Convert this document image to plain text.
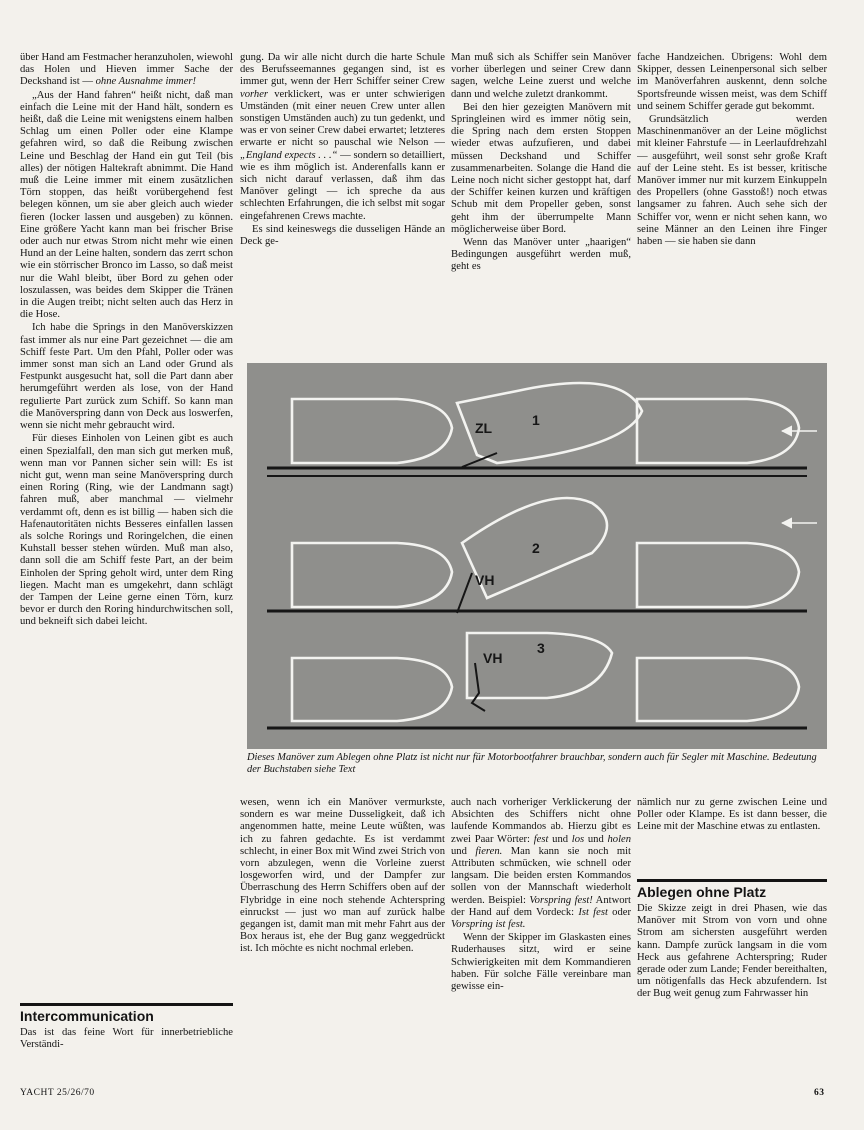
über Hand am Festmacher heranzuholen, wiewohl das Holen und Hieven immer Sache der Deckshand ist — ohne Ausnahme immer!

„Aus der Hand fahren“ heißt nicht, daß man einfach die Leine mit der Hand hält, sondern es heißt, daß die Leine mit wenigstens einem halben Schlag um einen Poller oder eine Klampe gefahren wird, so daß die Reibung zwischen Leine und Beschlag der Hand ein gut Teil (bis alles) der nötigen Haltekraft abnimmt. Die Hand muß die Leine immer mit einem zusätzlichen Törn stoppen, das heißt vorübergehend fest belegen können, um sie aber gleich auch wieder fieren (locker lassen und ausgeben) zu können. Eine größere Yacht kann man bei frischer Brise oder auch nur etwas Strom nicht mehr wie einen Hund an der Leine halten, sondern das zerrt schon wie ein störrischer Bronco im Lasso, so daß meist nur die Wahl bleibt, über Bord zu gehen oder loszulassen, was beides dem Skipper die Tränen in die Augen treibt; nicht selten auch das Herz in die Hose.

Ich habe die Springs in den Manöverskizzen fast immer als nur eine Part gezeichnet — die am Schiff feste Part. Um den Pfahl, Poller oder was immer sonst man sich an Land oder Grund als Festpunkt ausgesucht hat, soll die Part dann aber herumgeführt werden als lose, von der Hand regulierte Part zurück zum Schiff. So kann man die Manöverspring dann von Deck aus loswerfen, wenn sie nicht mehr gebraucht wird.

Für dieses Einholen von Leinen gibt es auch einen Spezialfall, den man sich gut merken muß, wenn man vor Pannen sicher sein will: Es ist nicht gut, wenn man seine Manöverspring durch einen Roring (Ring, wie der Landmann sagt) fahren muß, aber manchmal — vielmehr verdammt oft, denn es ist billig — haben sich die Hafenautoritäten nichts Besseres einfallen lassen als solche Rorings und Roringelchen, die einen Kuhstall besser stehen würden. Muß man also, dann soll die am Schiff feste Part, an der beim Einholen der Spring geholt wird, unter dem Ring liegen. Macht man es umgekehrt, dann schlägt der Tampen der Leine gerne einen Törn, kurz bevor er durch den Roring hindurchwitschen soll, und bekneift sich dabei leicht.

Intercommunication

Das ist das feine Wort für innerbetriebliche Verständi-

gung. Da wir alle nicht durch die harte Schule des Berufsseemannes gegangen sind, ist es immer gut, wenn der Herr Schiffer seiner Crew vorher verklickert, was er unter schwierigen Umständen (mit einer neuen Crew unter allen sonstigen Umständen auch) zu tun gedenkt, und was er von seiner Crew dabei erwartet; letzteres erwarte er nicht so pauschal wie Nelson — „England expects . . .“ — sondern so detailliert, wie es ihm möglich ist. Anderenfalls kann er sich nicht darauf verlassen, daß ihm das Manöver gelingt — ich spreche da aus schlechten Erfahrungen, die ich selbst mit sogar eingefahrenen Crews machte.

Es sind keineswegs die dusseligen Hände an Deck ge-

Man muß sich als Schiffer sein Manöver vorher überlegen und seiner Crew dann sagen, welche Leine zuerst und welche dann und welche zuletzt drankommt.

Bei den hier gezeigten Manövern mit Springleinen wird es immer nötig sein, die Spring nach dem ersten Stoppen wieder etwas aufzufieren, und dabei müssen Deckshand und Schiffer zusammenarbeiten. Solange die Hand die Leine noch nicht sicher gestoppt hat, darf der Schiffer keinen kurzen und kräftigen Schub mit dem Propeller geben, sonst geht ihm der überrumpelte Mann möglicherweise über Bord.

Wenn das Manöver unter „haarigen“ Bedingungen ausgeführt werden muß, geht es

fache Handzeichen. Übrigens: Wohl dem Skipper, dessen Leinenpersonal sich selber im Manöverfahren auskennt, denn solche Sportsfreunde wissen meist, was dem Schiff und seinem Schiffer gerade gut bekommt.

Grundsätzlich werden Maschinenmanöver an der Leine möglichst mit kleiner Fahrstufe — in Leerlaufdrehzahl — ausgeführt, weil sonst sehr große Kraft auf der Leine steht. Es ist besser, kritische Manöver immer nur mit kurzem Einkuppeln des Propellers (ohne Gasstoß!) noch etwas langsamer zu fahren. Auch sehe sich der Schiffer vor, wenn er nicht sehen kann, wo seine Männer an den Leinen ihre Finger haben — sie haben sie dann

ZL	1
2
VH
VH
3
Dieses Manöver zum Ablegen ohne Platz ist nicht nur für Motorbootfahrer brauchbar, sondern auch für Segler mit Maschine. Bedeutung der Buchstaben siehe Text

wesen, wenn ich ein Manöver vermurkste, sondern es war meine Dusseligkeit, daß ich angenommen hatte, meine Leute wüßten, was ich zu fahren gedachte. Es ist verdammt schlecht, in einer Box mit Wind zwei Strich von vorn abzulegen, wenn die Vorleine zuerst losgeworfen wird, und der Dampfer zur Überraschung des Herrn Schiffers oben auf der Flybridge in eine noch stehende Achterspring einruckst — just wo man auf zurück halbe gegangen ist, damit man mit mehr Fahrt aus der Box heraus ist, ehe der Bug ganz weggedrückt ist. Ich möchte es nicht nochmal erleben.

auch nach vorheriger Verklickerung der Absichten des Schiffers nicht ohne laufende Kommandos ab. Hierzu gibt es zwei Paar Wörter: fest und los und holen und fieren. Man kann sie noch mit Attributen schmücken, wie schnell oder langsam. Die beiden ersten Kommandos sollen von der Mannschaft wiederholt werden. Beispiel: Vorspring fest! Antwort der Hand auf dem Vordeck: Ist fest oder Vorspring ist fest.

Wenn der Skipper im Glaskasten eines Ruderhauses sitzt, wird er seine Schwierigkeiten mit dem Kommandieren haben. Für solche Fälle vereinbare man gewisse ein-

nämlich nur zu gerne zwischen Leine und Poller oder Klampe. Es ist dann besser, die Leine mit der Maschine etwas zu entlasten.

Ablegen ohne Platz

Die Skizze zeigt in drei Phasen, wie das Manöver mit Strom von vorn und ohne Strom am sichersten ausgeführt werden kann. Dampfe zurück langsam in die vom Heck aus gefahrene Achterspring; Ruder gerade oder zum Lande; Fender bereithalten, um nötigenfalls das Heck abzufendern. Ist der Bug weit genug zum Fahrwasser hin

YACHT 25/26/70	63
